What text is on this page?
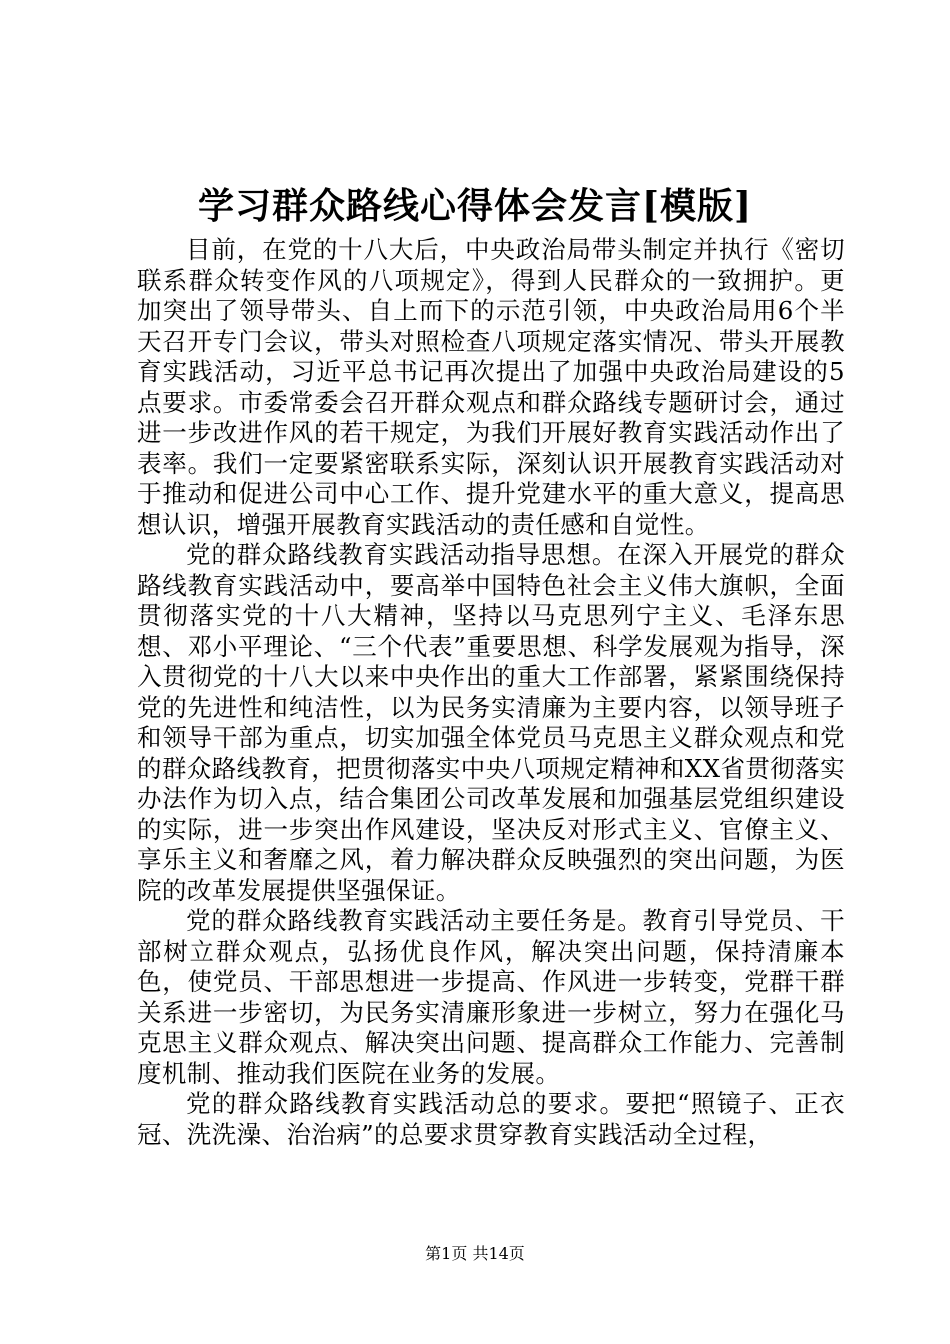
学习群众路线心得体会发言[模版]

目前，在党的十八大后，中央政治局带头制定并执行《密切联系群众转变作风的八项规定》，得到人民群众的一致拥护。更加突出了领导带头、自上而下的示范引领，中央政治局用6个半天召开专门会议，带头对照检查八项规定落实情况、带头开展教育实践活动，习近平总书记再次提出了加强中央政治局建设的5点要求。市委常委会召开群众观点和群众路线专题研讨会，通过进一步改进作风的若干规定，为我们开展好教育实践活动作出了表率。我们一定要紧密联系实际，深刻认识开展教育实践活动对于推动和促进公司中心工作、提升党建水平的重大意义，提高思想认识，增强开展教育实践活动的责任感和自觉性。

党的群众路线教育实践活动指导思想。在深入开展党的群众路线教育实践活动中，要高举中国特色社会主义伟大旗帜，全面贯彻落实党的十八大精神，坚持以马克思列宁主义、毛泽东思想、邓小平理论、“三个代表”重要思想、科学发展观为指导，深入贯彻党的十八大以来中央作出的重大工作部署，紧紧围绕保持党的先进性和纯洁性，以为民务实清廉为主要内容，以领导班子和领导干部为重点，切实加强全体党员马克思主义群众观点和党的群众路线教育，把贯彻落实中央八项规定精神和XX省贯彻落实办法作为切入点，结合集团公司改革发展和加强基层党组织建设的实际，进一步突出作风建设，坚决反对形式主义、官僚主义、享乐主义和奢靡之风，着力解决群众反映强烈的突出问题，为医院的改革发展提供坚强保证。

党的群众路线教育实践活动主要任务是。教育引导党员、干部树立群众观点，弘扬优良作风，解决突出问题，保持清廉本色，使党员、干部思想进一步提高、作风进一步转变，党群干群关系进一步密切，为民务实清廉形象进一步树立，努力在强化马克思主义群众观点、解决突出问题、提高群众工作能力、完善制度机制、推动我们医院在业务的发展。

党的群众路线教育实践活动总的要求。要把“照镜子、正衣冠、洗洗澡、治治病”的总要求贯穿教育实践活动全过程，

第1页 共14页
